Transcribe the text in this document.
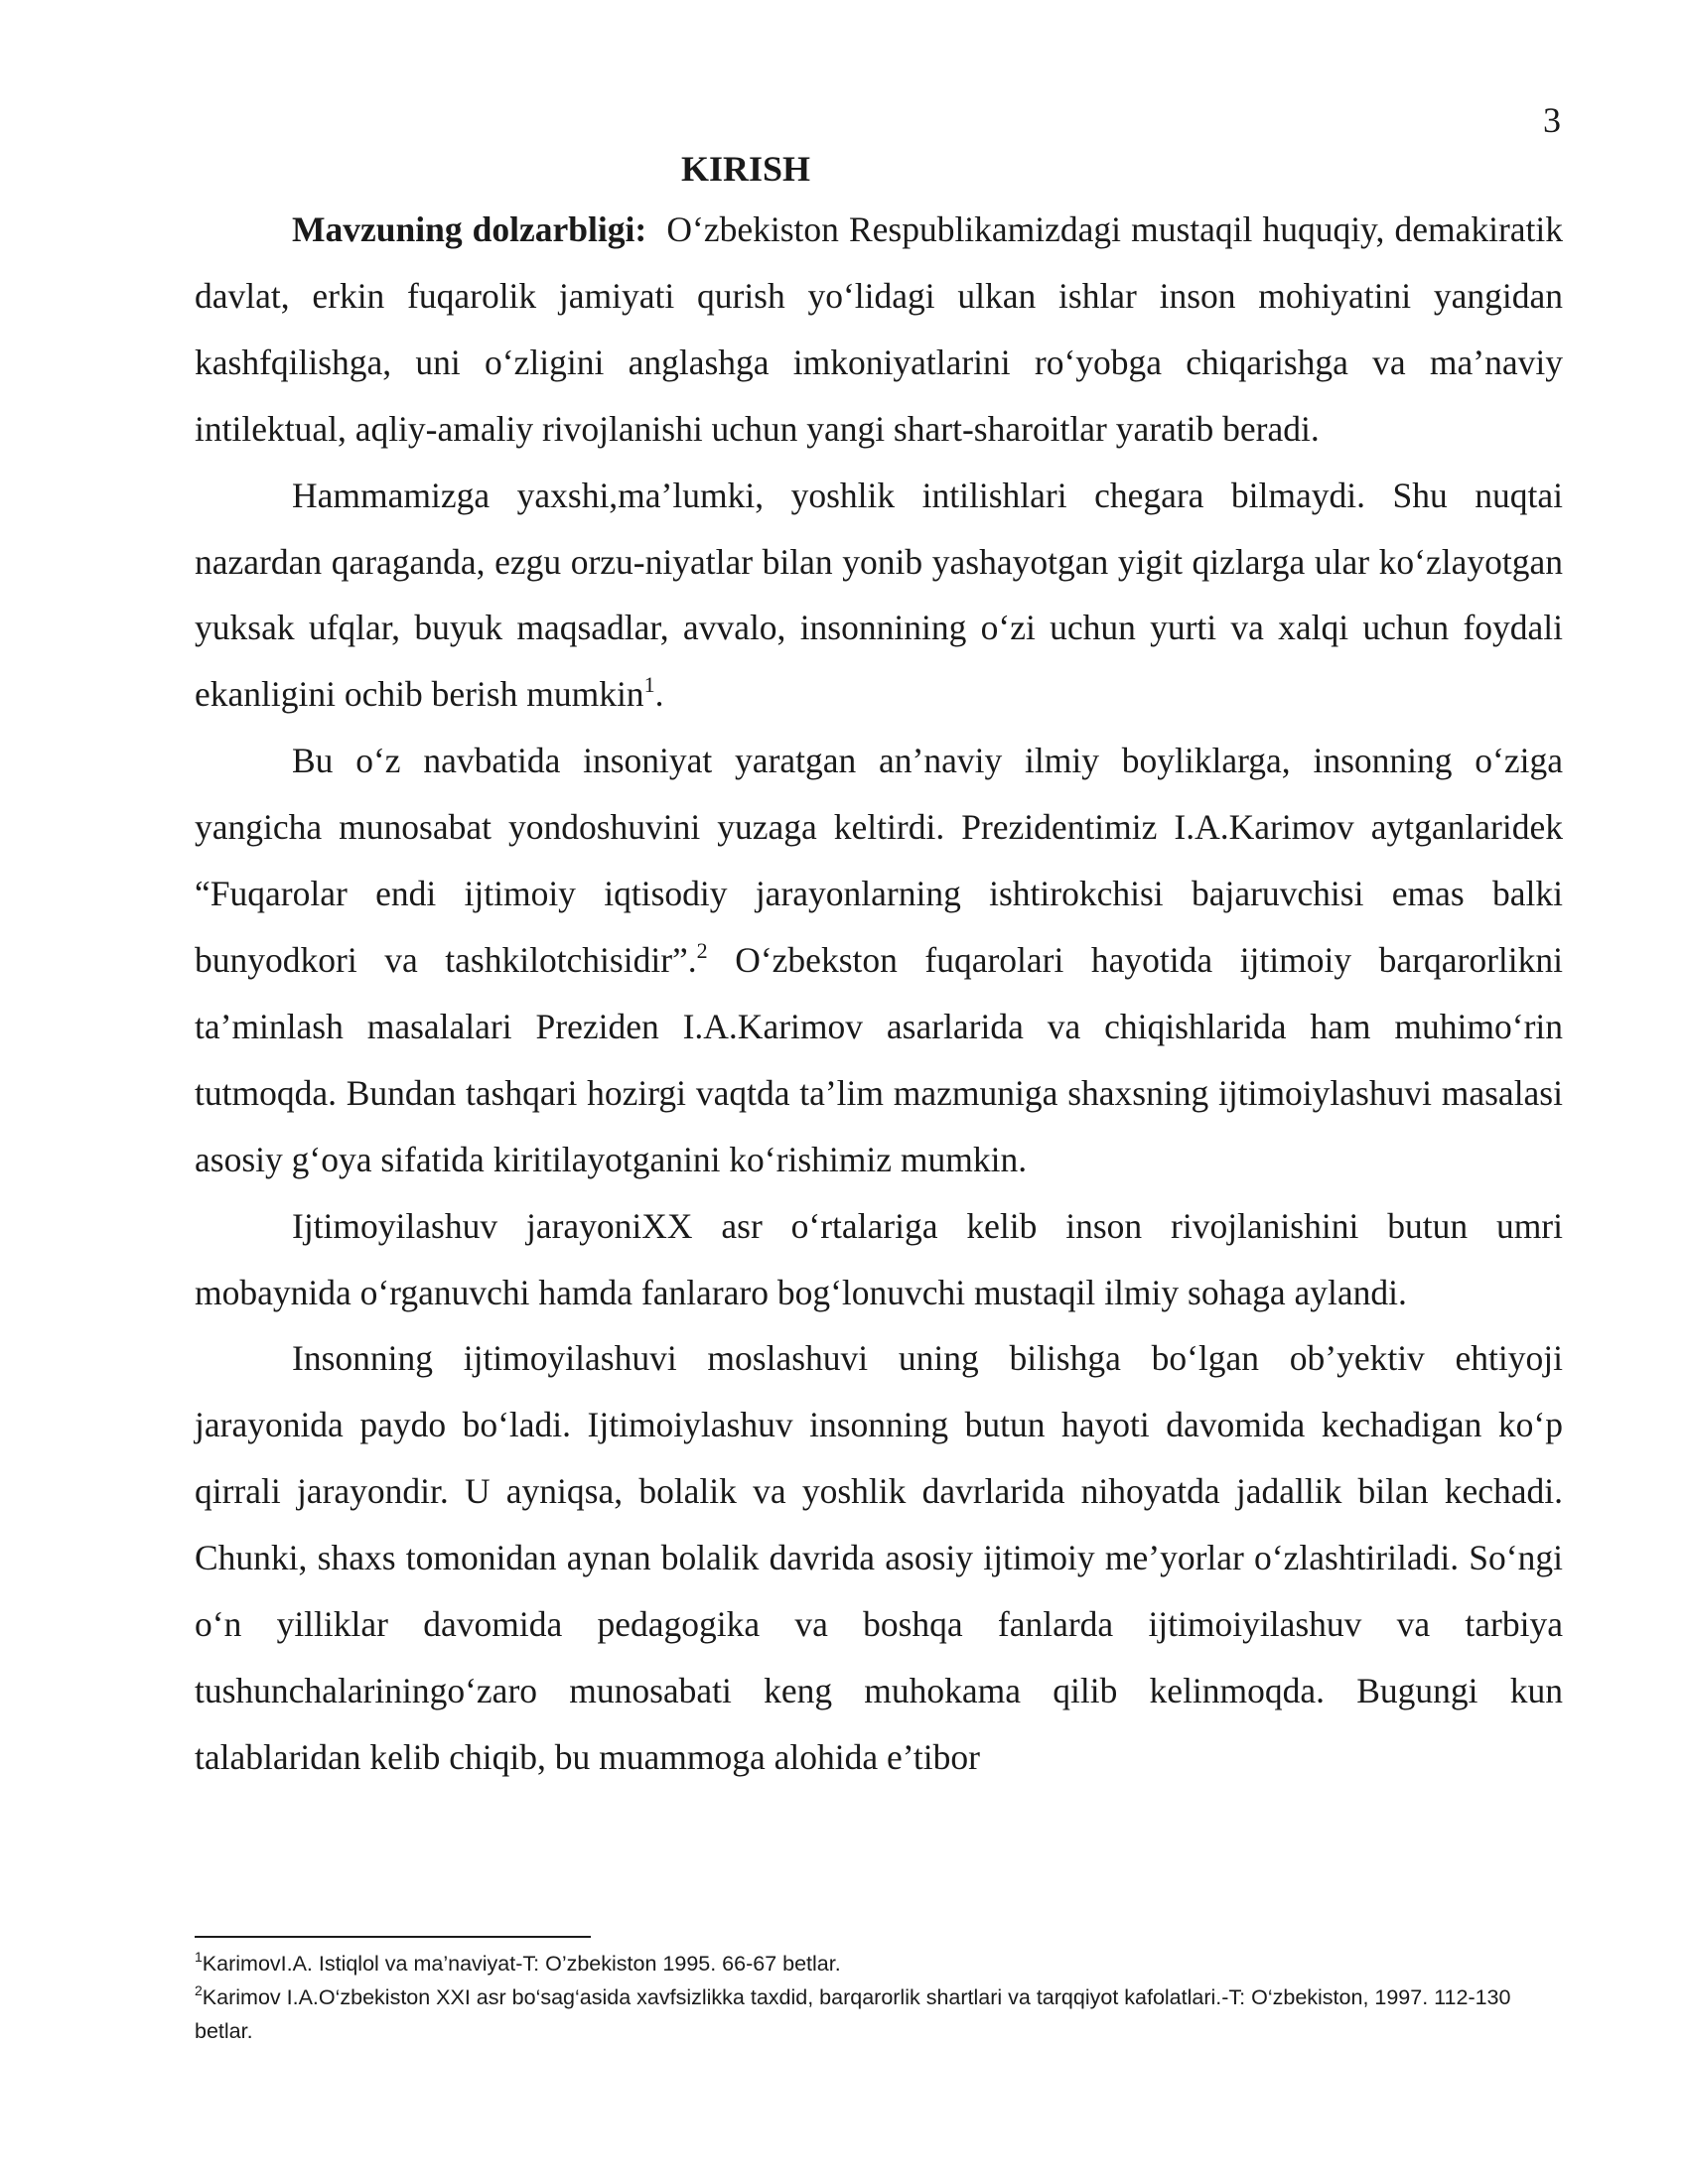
3
KIRISH

Mavzuning dolzarbligi: O‘zbekiston Respublikamizdagi mustaqil huquqiy, demakiratik davlat, erkin fuqarolik jamiyati qurish yo‘lidagi ulkan ishlar inson mohiyatini yangidan kashfqilishga, uni o‘zligini anglashga imkoniyatlarini ro‘yobga chiqarishga va ma’naviy intilektual, aqliy-amaliy rivojlanishi uchun yangi shart-sharoitlar yaratib beradi.

Hammamizga yaxshi,ma’lumki, yoshlik intilishlari chegara bilmaydi. Shu nuqtai nazardan qaraganda, ezgu orzu-niyatlar bilan yonib yashayotgan yigit qizlarga ular ko‘zlayotgan yuksak ufqlar, buyuk maqsadlar, avvalo, insonnining o‘zi uchun yurti va xalqi uchun foydali ekanligini ochib berish mumkin$^1$.

Bu o‘z navbatida insoniyat yaratgan an’naviy ilmiy boyliklarga, insonning o‘ziga yangicha munosabat yondoshuvini yuzaga keltirdi. Prezidentimiz I.A.Karimov aytganlaridek “Fuqarolar endi ijtimoiy iqtisodiy jarayonlarning ishtirokchisi bajaruvchisi emas balki bunyodkori va tashkilotchisidir”.$^2$ O‘zbekston fuqarolari hayotida ijtimoiy barqarorlikni ta’minlash masalalari Preziden I.A.Karimov asarlarida va chiqishlarida ham muhimo‘rin tutmoqda. Bundan tashqari hozirgi vaqtda ta’lim mazmuniga shaxsning ijtimoiylashuvi masalasi asosiy g‘oya sifatida kiritilayotganini ko‘rishimiz mumkin.

Ijtimoyilashuv jarayoniXX asr o‘rtalariga kelib inson rivojlanishini butun umri mobaynida o‘rganuvchi hamda fanlararo bog‘lonuvchi mustaqil ilmiy sohaga aylandi.

Insonning ijtimoyilashuvi moslashuvi uning bilishga bo‘lgan ob’yektiv ehtiyoji jarayonida paydo bo‘ladi. Ijtimoiylashuv insonning butun hayoti davomida kechadigan ko‘p qirrali jarayondir. U ayniqsa, bolalik va yoshlik davrlarida nihoyatda jadallik bilan kechadi. Chunki, shaxs tomonidan aynan bolalik davrida asosiy ijtimoiy me’yorlar o‘zlashtiriladi. So‘ngi o‘n yilliklar davomida pedagogika va boshqa fanlarda ijtimoiyilashuv va tarbiya tushunchalariningo‘zaro munosabati keng muhokama qilib kelinmoqda. Bugungi kun talablaridan kelib chiqib, bu muammoga alohida e’tibor

$^1$KarimovI.A. Istiqlol va ma’naviyat-T: O’zbekiston 1995. 66-67 betlar.

$^2$Karimov I.A.O‘zbekiston XXI asr bo‘sag‘asida xavfsizlikka taxdid, barqarorlik shartlari va tarqqiyot kafolatlari.-T: O‘zbekiston, 1997. 112-130 betlar.
